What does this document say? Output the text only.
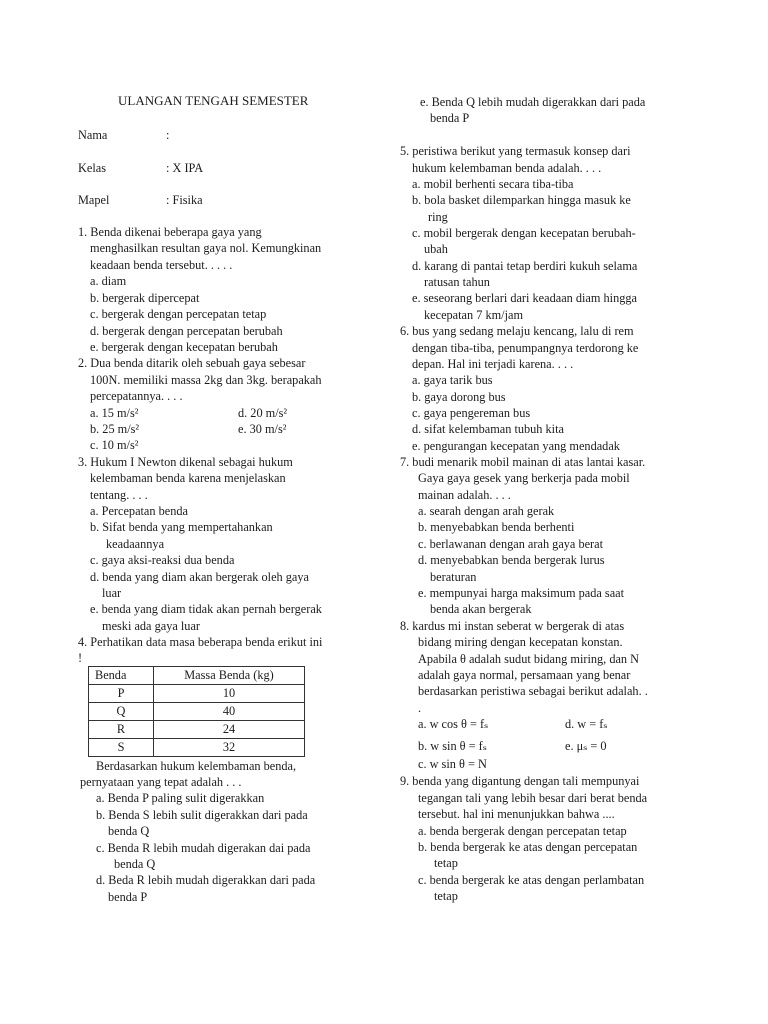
ULANGAN TENGAH SEMESTER
Nama	:
Kelas	: X IPA
Mapel	: Fisika
1. Benda dikenai beberapa gaya yang
menghasilkan resultan gaya nol. Kemungkinan
keadaan benda tersebut. . . . .
a. diam
b. bergerak dipercepat
c. bergerak dengan percepatan tetap
d. bergerak dengan percepatan berubah
e. bergerak dengan kecepatan berubah
2. Dua benda ditarik oleh sebuah gaya sebesar
100N. memiliki massa 2kg dan 3kg. berapakah
percepatannya. . . .
a. 15 m/s²	d. 20 m/s²
b. 25 m/s²	e. 30 m/s²
c. 10 m/s²
3. Hukum I Newton dikenal sebagai hukum
kelembaman benda karena menjelaskan
tentang. . . .
a. Percepatan benda
b. Sifat benda yang mempertahankan
keadaannya
c. gaya aksi-reaksi dua benda
d. benda yang diam akan bergerak oleh gaya
luar
e. benda yang diam tidak akan pernah bergerak
meski ada gaya luar
4. Perhatikan data masa beberapa benda erikut ini
!
Benda	Massa Benda (kg)
P	10
Q	40
R	24
S	32
Berdasarkan hukum kelembaman benda,
pernyataan yang tepat adalah . . .
a. Benda P paling sulit digerakkan
b. Benda S lebih sulit digerakkan dari pada
benda Q
c. Benda R lebih mudah digerakan dai pada
benda Q
d. Beda R lebih mudah digerakkan dari pada
benda P
e. Benda Q lebih mudah digerakkan dari pada
benda P
5. peristiwa berikut yang termasuk konsep dari
hukum kelembaman benda adalah. . . .
a. mobil berhenti secara tiba-tiba
b. bola basket dilemparkan hingga masuk ke
ring
c. mobil bergerak dengan kecepatan berubah-
ubah
d. karang di pantai tetap berdiri kukuh selama
ratusan tahun
e. seseorang berlari dari keadaan diam hingga
kecepatan 7 km/jam
6. bus yang sedang melaju kencang, lalu di rem
dengan tiba-tiba, penumpangnya terdorong ke
depan. Hal ini terjadi karena. . . .
a. gaya tarik bus
b. gaya dorong bus
c. gaya pengereman bus
d. sifat kelembaman tubuh kita
e. pengurangan kecepatan yang mendadak
7. budi menarik mobil mainan di atas lantai kasar.
Gaya gaya gesek yang berkerja pada mobil
mainan adalah. . . .
a. searah dengan arah gerak
b. menyebabkan benda berhenti
c. berlawanan dengan arah gaya berat
d. menyebabkan benda bergerak lurus
beraturan
e. mempunyai harga maksimum pada saat
benda akan bergerak
8. kardus mi instan seberat w bergerak di atas
bidang miring dengan kecepatan konstan.
Apabila θ adalah sudut bidang miring, dan N
adalah gaya normal, persamaan yang benar
berdasarkan peristiwa sebagai berikut adalah. .
.
a. w cos θ = fₛ	d. w = fₛ
b. w sin θ = fₛ	e. μₛ = 0
c. w sin θ = N
9. benda yang digantung dengan tali mempunyai
tegangan tali yang lebih besar dari berat benda
tersebut. hal ini menunjukkan bahwa ....
a. benda bergerak dengan percepatan tetap
b. benda bergerak ke atas dengan percepatan
tetap
c. benda bergerak ke atas dengan perlambatan
tetap
